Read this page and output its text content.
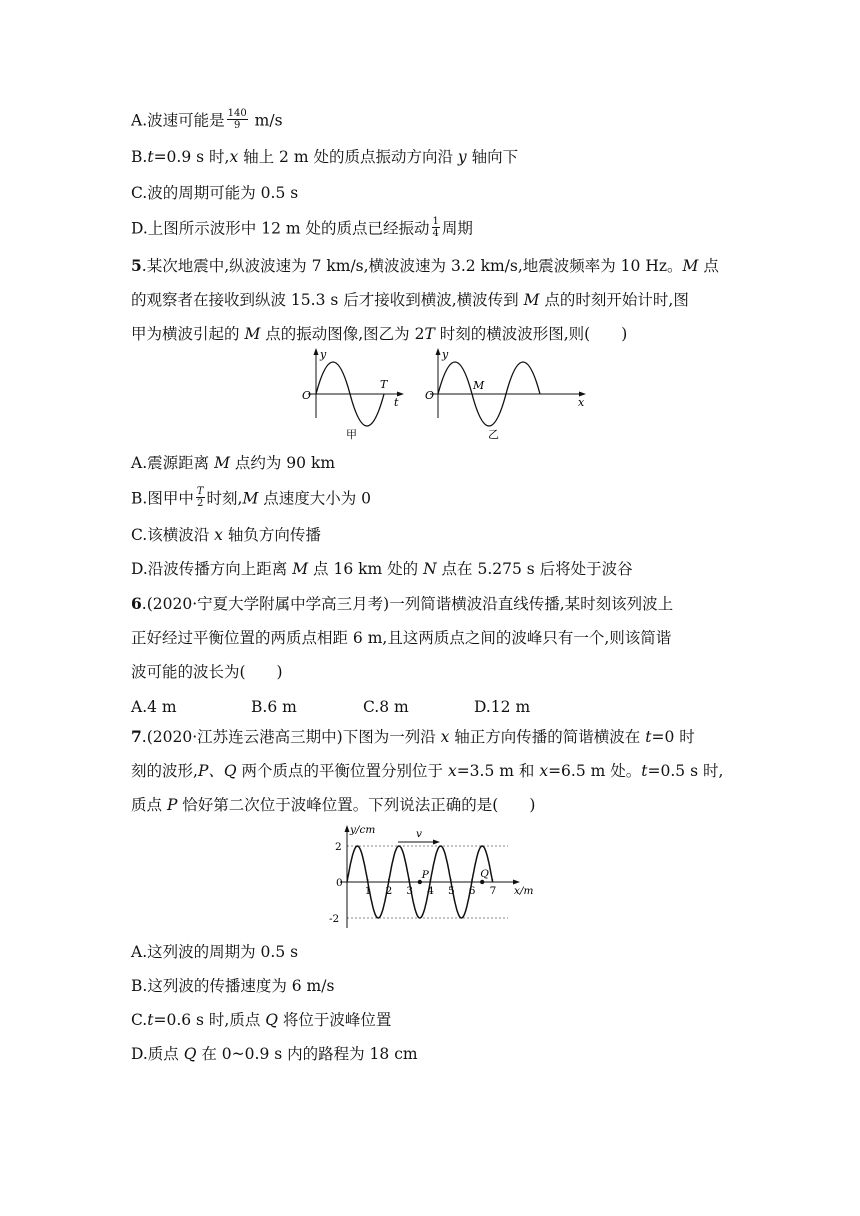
A.波速可能是 $\frac{140}{9} m/s$
B.t=0.9 s 时,x 轴上 2 m 处的质点振动方向沿 y 轴向下
C.波的周期可能为 0.5 s
D.上图所示波形中 12 m 处的质点已经振动 $\frac{1}{4}$ 周期
5.某次地震中,纵波波速为 7 km/s,横波波速为 3.2 km/s,地震波频率为 10 Hz。M 点
的观察者在接收到纵波 15.3 s 后才接收到横波,横波传到 M 点的时刻开始计时,图
甲为横波引起的 M 点的振动图像,图乙为 2T 时刻的横波波形图,则(　　)
y
O
T
t
甲
y
O
M
x
乙
A.震源距离 M 点约为 90 km
B.图甲中 $\frac{T}{2}$ 时刻,M 点速度大小为 0
C.该横波沿 x 轴负方向传播
D.沿波传播方向上距离 M 点 16 km 处的 N 点在 5.275 s 后将处于波谷
6.(2020·宁夏大学附属中学高三月考)一列简谐横波沿直线传播,某时刻该列波上
正好经过平衡位置的两质点相距 6 m,且这两质点之间的波峰只有一个,则该简谐
波可能的波长为(　　)
A.4 m	B.6 m	C.8 m	D.12 m
7.(2020·江苏连云港高三期中)下图为一列沿 x 轴正方向传播的简谐横波在 t=0 时
刻的波形,P、Q 两个质点的平衡位置分别位于 x=3.5 m 和 x=6.5 m 处。t=0.5 s 时,
质点 P 恰好第二次位于波峰位置。下列说法正确的是(　　)
y/cm
x/m
2
-2
0
v
1 2 3 4 5 6 7
P	Q
A.这列波的周期为 0.5 s
B.这列波的传播速度为 6 m/s
C.t=0.6 s 时,质点 Q 将位于波峰位置
D.质点 Q 在 0~0.9 s 内的路程为 18 cm
